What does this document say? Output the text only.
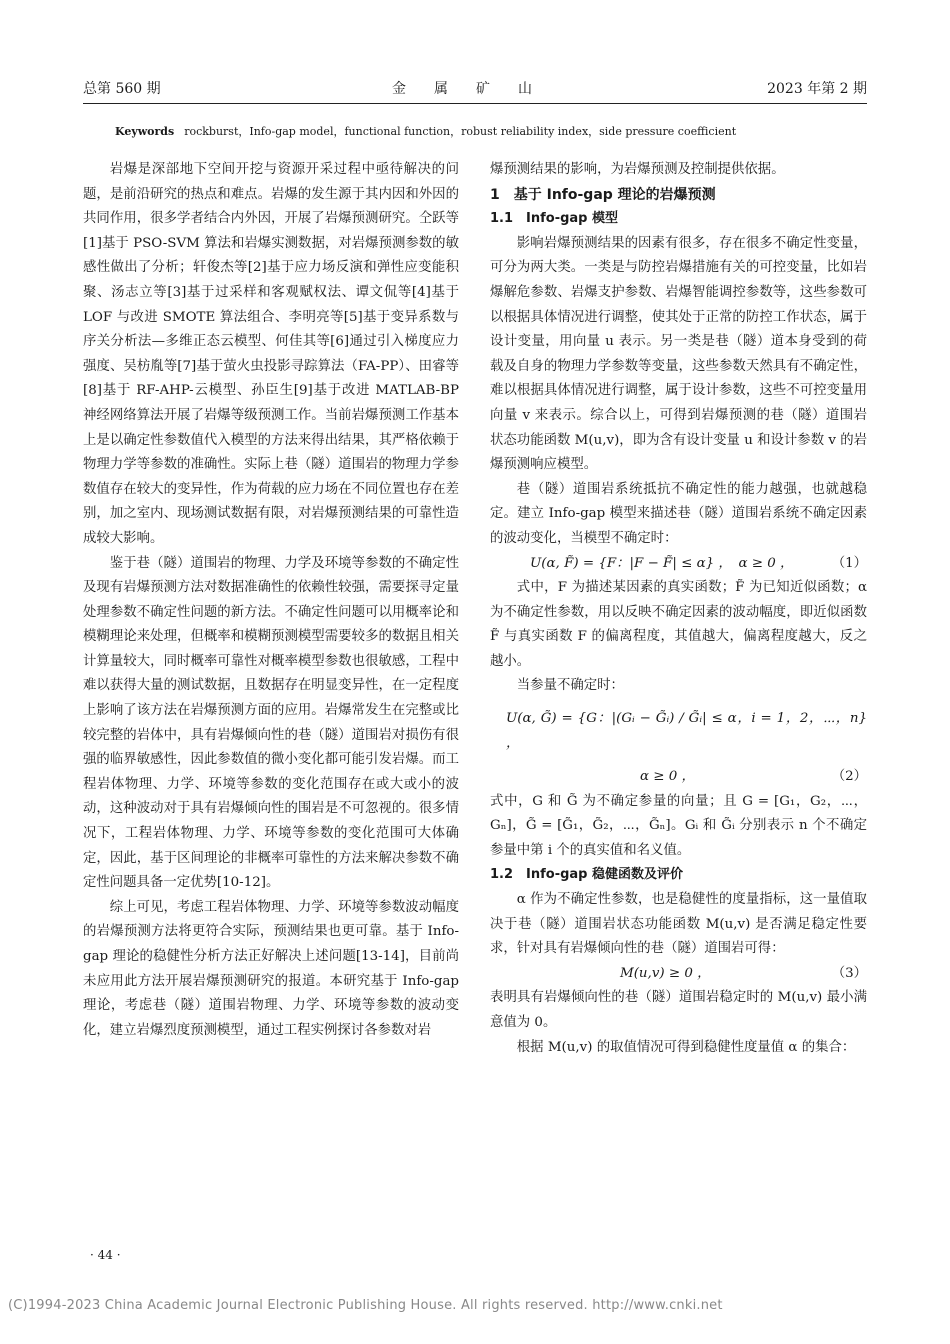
总第 560 期	金　　属　　矿　　山	2023 年第 2 期
Keywords rockburst，Info-gap model，functional function，robust reliability index，side pressure coefficient

岩爆是深部地下空间开挖与资源开采过程中亟待解决的问题，是前沿研究的热点和难点。岩爆的发生源于其内因和外因的共同作用，很多学者结合内外因，开展了岩爆预测研究。仝跃等[1]基于 PSO-SVM 算法和岩爆实测数据，对岩爆预测参数的敏感性做出了分析；轩俊杰等[2]基于应力场反演和弹性应变能积聚、汤志立等[3]基于过采样和客观赋权法、谭文侃等[4]基于 LOF 与改进 SMOTE 算法组合、李明亮等[5]基于变异系数与序关分析法—多维正态云模型、何佳其等[6]通过引入梯度应力强度、吴枋胤等[7]基于萤火虫投影寻踪算法（FA-PP）、田睿等[8]基于 RF-AHP-云模型、孙臣生[9]基于改进 MATLAB-BP 神经网络算法开展了岩爆等级预测工作。当前岩爆预测工作基本上是以确定性参数值代入模型的方法来得出结果，其严格依赖于物理力学等参数的准确性。实际上巷（隧）道围岩的物理力学参数值存在较大的变异性，作为荷载的应力场在不同位置也存在差别，加之室内、现场测试数据有限，对岩爆预测结果的可靠性造成较大影响。

鉴于巷（隧）道围岩的物理、力学及环境等参数的不确定性及现有岩爆预测方法对数据准确性的依赖性较强，需要探寻定量处理参数不确定性问题的新方法。不确定性问题可以用概率论和模糊理论来处理，但概率和模糊预测模型需要较多的数据且相关计算量较大，同时概率可靠性对概率模型参数也很敏感，工程中难以获得大量的测试数据，且数据存在明显变异性，在一定程度上影响了该方法在岩爆预测方面的应用。岩爆常发生在完整或比较完整的岩体中，具有岩爆倾向性的巷（隧）道围岩对损伤有很强的临界敏感性，因此参数值的微小变化都可能引发岩爆。而工程岩体物理、力学、环境等参数的变化范围存在或大或小的波动，这种波动对于具有岩爆倾向性的围岩是不可忽视的。很多情况下，工程岩体物理、力学、环境等参数的变化范围可大体确定，因此，基于区间理论的非概率可靠性的方法来解决参数不确定性问题具备一定优势[10-12]。

综上可见，考虑工程岩体物理、力学、环境等参数波动幅度的岩爆预测方法将更符合实际，预测结果也更可靠。基于 Info-gap 理论的稳健性分析方法正好解决上述问题[13-14]，目前尚未应用此方法开展岩爆预测研究的报道。本研究基于 Info-gap 理论，考虑巷（隧）道围岩物理、力学、环境等参数的波动变化，建立岩爆烈度预测模型，通过工程实例探讨各参数对岩

爆预测结果的影响，为岩爆预测及控制提供依据。

1　基于 Info-gap 理论的岩爆预测

1.1　Info-gap 模型

影响岩爆预测结果的因素有很多，存在很多不确定性变量，可分为两大类。一类是与防控岩爆措施有关的可控变量，比如岩爆解危参数、岩爆支护参数、岩爆智能调控参数等，这些参数可以根据具体情况进行调整，使其处于正常的防控工作状态，属于设计变量，用向量 u 表示。另一类是巷（隧）道本身受到的荷载及自身的物理力学参数等变量，这些参数天然具有不确定性，难以根据具体情况进行调整，属于设计参数，这些不可控变量用向量 v 来表示。综合以上，可得到岩爆预测的巷（隧）道围岩状态功能函数 M(u,v)，即为含有设计变量 u 和设计参数 v 的岩爆预测响应模型。

巷（隧）道围岩系统抵抗不确定性的能力越强，也就越稳定。建立 Info-gap 模型来描述巷（隧）道围岩系统不确定因素的波动变化，当模型不确定时：

U(α, F̃) = {F：|F − F̃| ≤ α} ，　α ≥ 0 ，	（1）

式中，F 为描述某因素的真实函数；F̃ 为已知近似函数；α 为不确定性参数，用以反映不确定因素的波动幅度，即近似函数 F̃ 与真实函数 F 的偏离程度，其值越大，偏离程度越大，反之越小。

当参量不确定时：

U(α, G̃) = {G：|(Gᵢ − G̃ᵢ) / G̃ᵢ| ≤ α，i = 1，2，⋯，n} ，
α ≥ 0 ，	（2）

式中，G 和 G̃ 为不确定参量的向量；且 G = [G₁，G₂，⋯，Gₙ]，G̃ = [G̃₁，G̃₂，⋯，G̃ₙ]。Gᵢ 和 G̃ᵢ 分别表示 n 个不确定参量中第 i 个的真实值和名义值。

1.2　Info-gap 稳健函数及评价

α 作为不确定性参数，也是稳健性的度量指标，这一量值取决于巷（隧）道围岩状态功能函数 M(u,v) 是否满足稳定性要求，针对具有岩爆倾向性的巷（隧）道围岩可得：

M(u,v) ≥ 0 ，	（3）

表明具有岩爆倾向性的巷（隧）道围岩稳定时的 M(u,v) 最小满意值为 0。

根据 M(u,v) 的取值情况可得到稳健性度量值 α 的集合：

· 44 ·
(C)1994-2023 China Academic Journal Electronic Publishing House. All rights reserved. http://www.cnki.net
